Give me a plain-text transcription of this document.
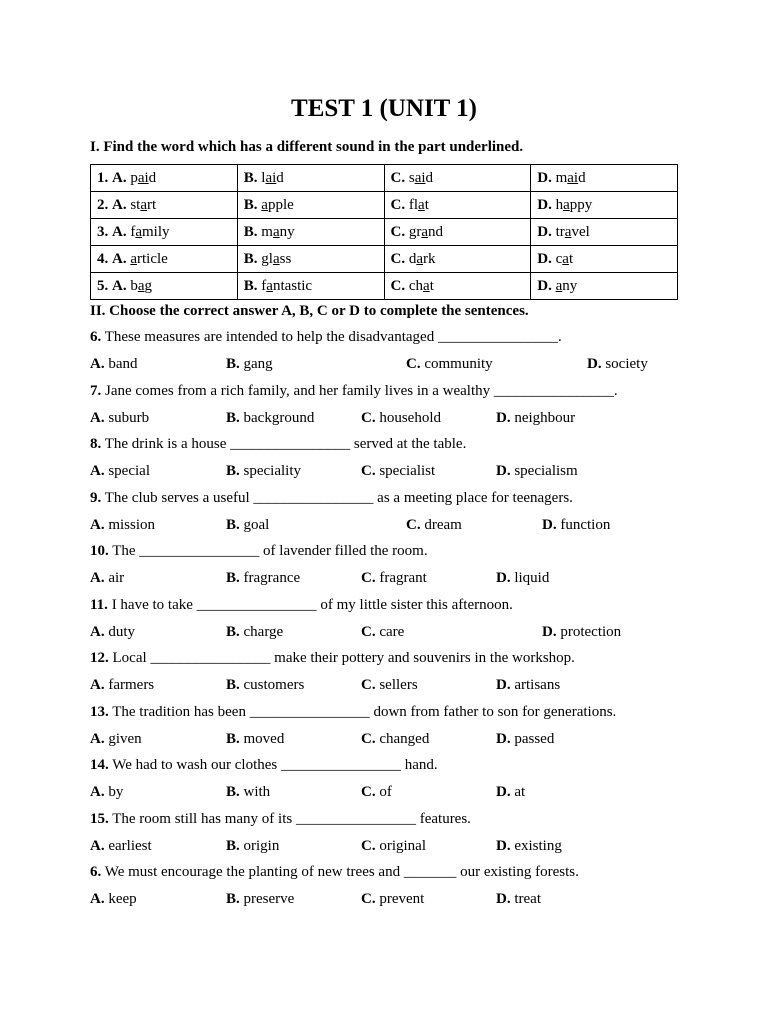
TEST 1 (UNIT 1)
I. Find the word which has a different sound in the part underlined.
1. A. paid	B. laid	C. said	D. maid
2. A. start	B. apple	C. flat	D. happy
3. A. family	B. many	C. grand	D. travel
4. A. article	B. glass	C. dark	D. cat
5. A. bag	B. fantastic	C. chat	D. any
II. Choose the correct answer A, B, C or D to complete the sentences.
6. These measures are intended to help the disadvantaged ________________.
A. band	B. gang	C. community	D. society
7. Jane comes from a rich family, and her family lives in a wealthy ________________.
A. suburb	B. background	C. household	D. neighbour
8. The drink is a house ________________ served at the table.
A. special	B. speciality	C. specialist	D. specialism
9. The club serves a useful ________________ as a meeting place for teenagers.
A. mission	B. goal	C. dream	D. function
10. The ________________ of lavender filled the room.
A. air	B. fragrance	C. fragrant	D. liquid
11. I have to take ________________ of my little sister this afternoon.
A. duty	B. charge	C. care	D. protection
12. Local ________________ make their pottery and souvenirs in the workshop.
A. farmers	B. customers	C. sellers	D. artisans
13. The tradition has been ________________ down from father to son for generations.
A. given	B. moved	C. changed	D. passed
14. We had to wash our clothes ________________ hand.
A. by	B. with	C. of	D. at
15. The room still has many of its ________________ features.
A. earliest	B. origin	C. original	D. existing
6. We must encourage the planting of new trees and _______ our existing forests.
A. keep	B. preserve	C. prevent	D. treat
